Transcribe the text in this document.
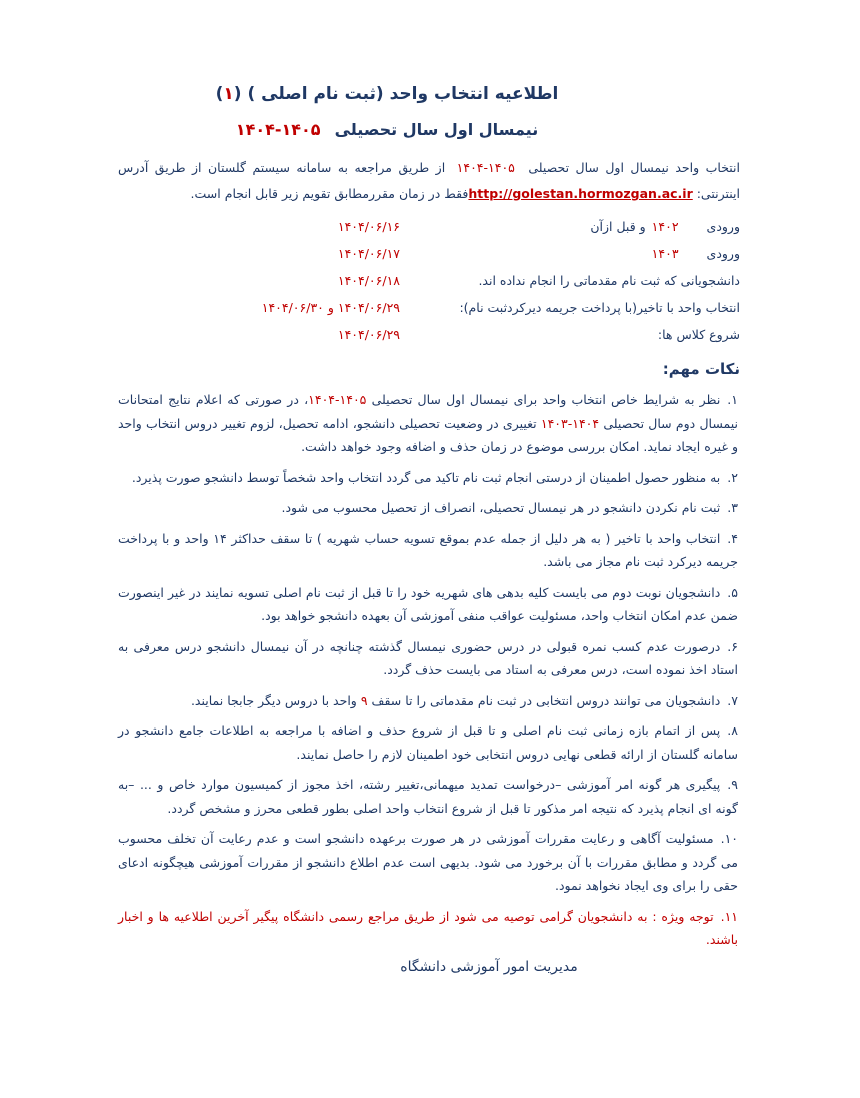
اطلاعیه انتخاب واحد (ثبت نام اصلی ) (۱)
نیمسال اول سال تحصیلی۱۴۰۵-۱۴۰۴

انتخاب واحد نیمسال اول سال تحصیلی ۱۴۰۵-۱۴۰۴ از طریق مراجعه به سامانه سیستم گلستان از طریق آدرس اینترنتی: http://golestan.hormozgan.ac.irفقط در زمان مقررمطابق تقویم زیر قابل انجام است.

ورودی۱۴۰۲ و قبل ازآن
۱۴۰۴/۰۶/۱۶
ورودی۱۴۰۳
۱۴۰۴/۰۶/۱۷
دانشجویانی که ثبت نام مقدماتی را انجام نداده اند.
۱۴۰۴/۰۶/۱۸
انتخاب واحد با تاخیر(با پرداخت جریمه دیرکردثبت نام):
۱۴۰۴/۰۶/۲۹ و ۱۴۰۴/۰۶/۳۰
شروع کلاس ها:
۱۴۰۴/۰۶/۲۹
نکات مهم:
۱.نظر به شرایط خاص انتخاب واحد برای نیمسال اول سال تحصیلی ۱۴۰۵-۱۴۰۴، در صورتی که اعلام نتایج امتحانات نیمسال دوم سال تحصیلی ۱۴۰۴-۱۴۰۳ تغییری در وضعیت تحصیلی دانشجو، ادامه تحصیل، لزوم تغییر دروس انتخاب واحد و غیره ایجاد نماید. امکان بررسی موضوع در زمان حذف و اضافه وجود خواهد داشت.
۲.به منظور حصول اطمینان از درستی انجام ثبت نام تاکید می گردد انتخاب واحد شخصاً توسط دانشجو صورت پذیرد.
۳.ثبت نام نکردن دانشجو در هر نیمسال تحصیلی، انصراف از تحصیل محسوب می شود.
۴.انتخاب واحد با تاخیر ( به هر دلیل از جمله عدم بموقع تسویه حساب شهریه ) تا سقف حداکثر ۱۴ واحد و با پرداخت جریمه دیرکرد ثبت نام مجاز می باشد.
۵.دانشجویان نوبت دوم می بایست کلیه بدهی های شهریه خود را تا قبل از ثبت نام اصلی تسویه نمایند در غیر اینصورت ضمن عدم امکان انتخاب واحد، مسئولیت عواقب منفی آموزشی آن بعهده دانشجو خواهد بود.
۶.درصورت عدم کسب نمره قبولی در درس حضوری نیمسال گذشته چنانچه در آن نیمسال دانشجو درس معرفی به استاد اخذ نموده است، درس معرفی به استاد می بایست حذف گردد.
۷.دانشجویان می توانند دروس انتخابی در ثبت نام مقدماتی را تا سقف ۹ واحد با دروس دیگر جابجا نمایند.
۸.پس از اتمام بازه زمانی ثبت نام اصلی و تا قبل از شروع حذف و اضافه با مراجعه به اطلاعات جامع دانشجو در سامانه گلستان از ارائه قطعی نهایی دروس انتخابی خود اطمینان لازم را حاصل نمایند.
۹.پیگیری هر گونه امر آموزشی –درخواست تمدید میهمانی،تغییر رشته، اخذ مجوز از کمیسیون موارد خاص و ... –به گونه ای انجام پذیرد که نتیجه امر مذکور تا قبل از شروع انتخاب واحد اصلی بطور قطعی محرز و مشخص گردد.
۱۰.مسئولیت آگاهی و رعایت مقررات آموزشی در هر صورت برعهده دانشجو است و عدم رعایت آن تخلف محسوب می گردد و مطابق مقررات با آن برخورد می شود. بدیهی است عدم اطلاع دانشجو از مقررات آموزشی هیچگونه ادعای حقی را برای وی ایجاد نخواهد نمود.
۱۱.توجه ویژه : به دانشجویان گرامی توصیه می شود از طریق مراجع رسمی دانشگاه پیگیر آخرین اطلاعیه ها و اخبار باشند.
مدیریت امور آموزشی دانشگاه
